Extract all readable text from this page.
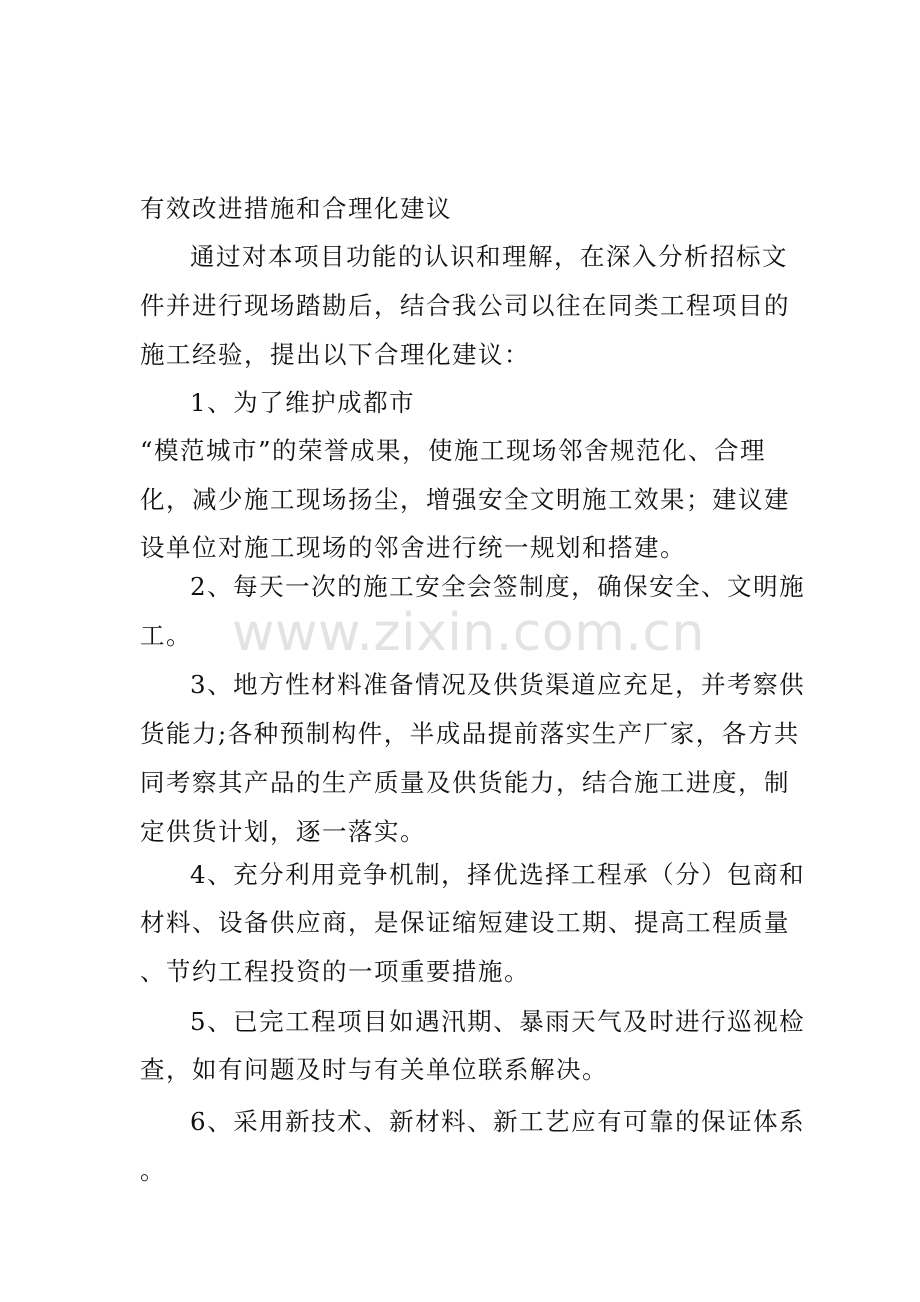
有效改进措施和合理化建议
通过对本项目功能的认识和理解，在深入分析招标文
件并进行现场踏勘后，结合我公司以往在同类工程项目的
施工经验，提出以下合理化建议：
1、为了维护成都市
“模范城市”的荣誉成果，使施工现场邻舍规范化、合理
化，减少施工现场扬尘，增强安全文明施工效果；建议建
设单位对施工现场的邻舍进行统一规划和搭建。
2、每天一次的施工安全会签制度，确保安全、文明施
工。
3、地方性材料准备情况及供货渠道应充足，并考察供
货能力;各种预制构件，半成品提前落实生产厂家，各方共
同考察其产品的生产质量及供货能力，结合施工进度，制
定供货计划，逐一落实。
4、充分利用竞争机制，择优选择工程承（分）包商和
材料、设备供应商，是保证缩短建设工期、提高工程质量
、节约工程投资的一项重要措施。
5、已完工程项目如遇汛期、暴雨天气及时进行巡视检
查，如有问题及时与有关单位联系解决。
6、采用新技术、新材料、新工艺应有可靠的保证体系
。
www.zixin.com.cn
